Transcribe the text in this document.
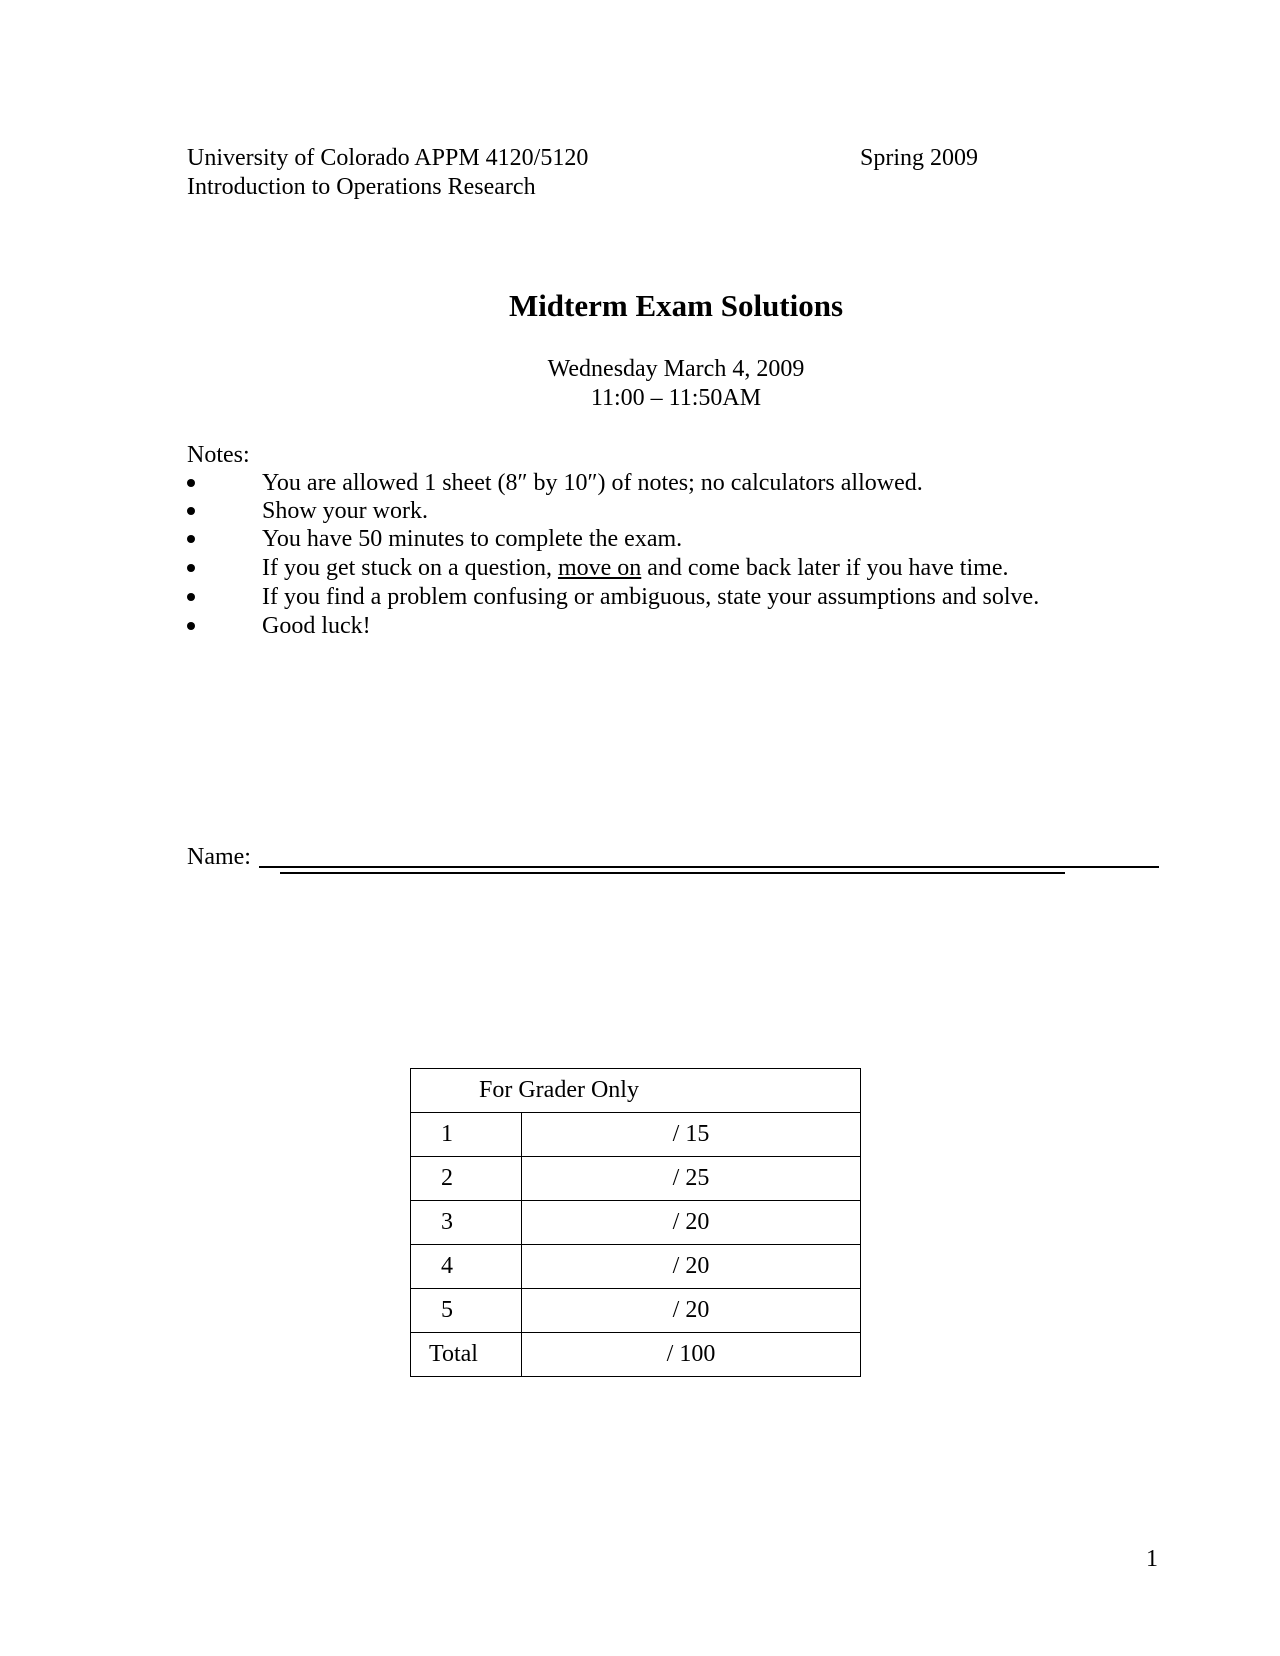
University of Colorado APPM 4120/5120
Introduction to Operations Research
Spring 2009
Midterm Exam Solutions
Wednesday March 4, 2009
11:00 – 11:50AM
Notes:
You are allowed 1 sheet (8″ by 10″) of notes; no calculators allowed.
Show your work.
You have 50 minutes to complete the exam.
If you get stuck on a question, move on and come back later if you have time.
If you find a problem confusing or ambiguous, state your assumptions and solve.
Good luck!
Name:
For Grader Only	
1	/ 15
2	/ 25
3	/ 20
4	/ 20
5	/ 20
Total	/ 100
1
